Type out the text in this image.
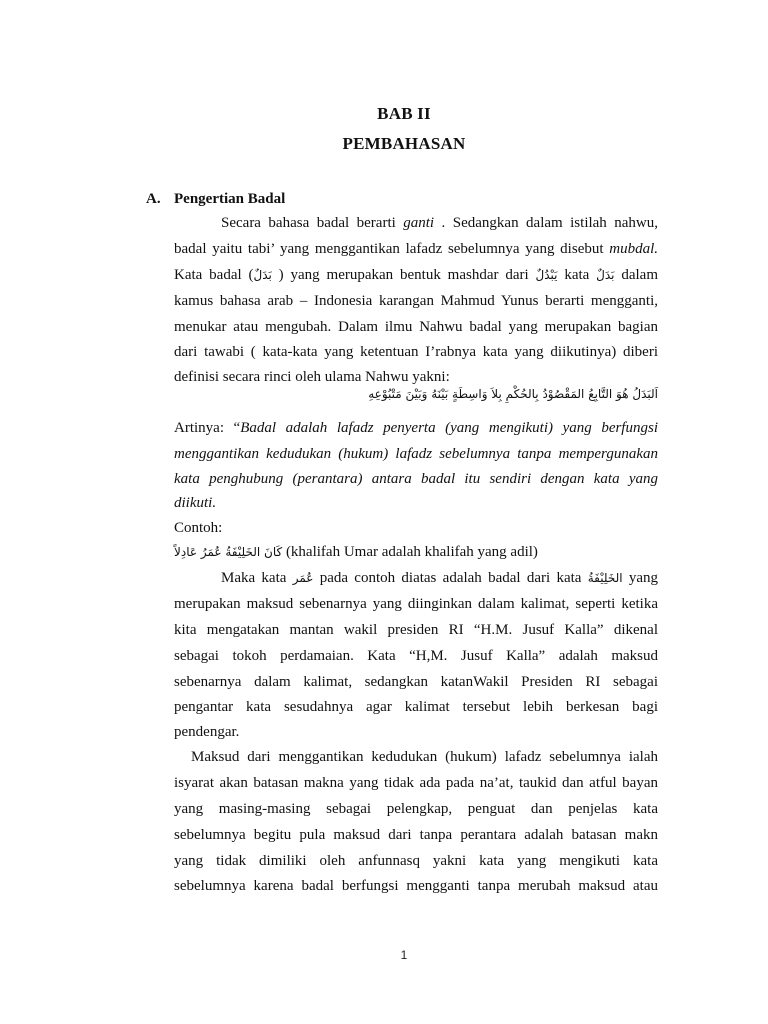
BAB II
PEMBAHASAN
A. Pengertian Badal
Secara bahasa badal berarti ganti . Sedangkan dalam istilah nahwu,
badal yaitu tabi’ yang menggantikan lafadz sebelumnya yang disebut mubdal.
Kata badal (بَدَلٌ ) yang merupakan bentuk mashdar dari يَبْدُلٌ kata بَدَلٌ dalam
kamus bahasa arab – Indonesia karangan Mahmud Yunus berarti mengganti,
menukar atau mengubah. Dalam ilmu Nahwu badal yang merupakan bagian
dari tawabi ( kata-kata yang ketentuan I’rabnya kata yang diikutinya) diberi
definisi secara rinci oleh ulama Nahwu yakni:
اَلبَدَلُ هُوَ التَّابِعُ المَقْصُوْدُ بِالحُكْمِ بِلاَ وَاسِطَةٍ بَيْنَهُ وَبَيْنَ مَتْبُوْعِهِ
Artinya: “Badal adalah lafadz penyerta (yang mengikuti) yang berfungsi
menggantikan kedudukan (hukum) lafadz sebelumnya tanpa mempergunakan
kata penghubung (perantara) antara badal itu sendiri dengan kata yang
diikuti.
Contoh:
كَانَ الخَلِيْفَةُ عُمَرُ عَادِلاً (khalifah Umar adalah khalifah yang adil)
Maka kata عُمَر pada contoh diatas adalah badal dari kata الخَلِيْفَةُ yang
merupakan maksud sebenarnya yang diinginkan dalam kalimat, seperti ketika
kita mengatakan mantan wakil presiden RI “H.M. Jusuf Kalla” dikenal
sebagai tokoh perdamaian. Kata “H,M. Jusuf Kalla” adalah maksud
sebenarnya dalam kalimat, sedangkan katanWakil Presiden RI sebagai
pengantar kata sesudahnya agar kalimat tersebut lebih berkesan bagi
pendengar.
Maksud dari menggantikan kedudukan (hukum) lafadz sebelumnya ialah
isyarat akan batasan makna yang tidak ada pada na’at, taukid dan atful bayan
yang masing-masing sebagai pelengkap, penguat dan penjelas kata
sebelumnya begitu pula maksud dari tanpa perantara adalah batasan makn
yang tidak dimiliki oleh anfunnasq yakni kata yang mengikuti kata
sebelumnya karena badal berfungsi mengganti tanpa merubah maksud atau
1
